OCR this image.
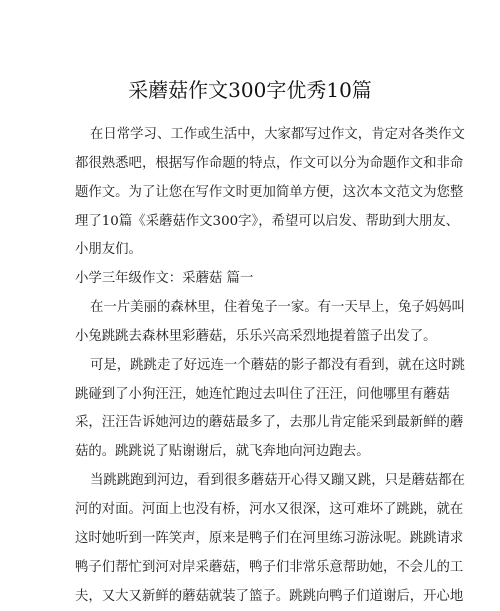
采蘑菇作文300字优秀10篇
在日常学习、工作或生活中，大家都写过作文，肯定对各类作文
都很熟悉吧，根据写作命题的特点，作文可以分为命题作文和非命
题作文。为了让您在写作文时更加简单方便，这次本文范文为您整
理了10篇《采蘑菇作文300字》，希望可以启发、帮助到大朋友、
小朋友们。
小学三年级作文：采蘑菇 篇一
在一片美丽的森林里，住着兔子一家。有一天早上，兔子妈妈叫
小兔跳跳去森林里彩蘑菇，乐乐兴高采烈地提着篮子出发了。
可是，跳跳走了好远连一个蘑菇的影子都没有看到，就在这时跳
跳碰到了小狗汪汪，她连忙跑过去叫住了汪汪，问他哪里有蘑菇
采，汪汪告诉她河边的蘑菇最多了，去那儿肯定能采到最新鲜的蘑
菇的。跳跳说了贴谢谢后，就飞奔地向河边跑去。
当跳跳跑到河边，看到很多蘑菇开心得又蹦又跳，只是蘑菇都在
河的对面。河面上也没有桥，河水又很深，这可难坏了跳跳，就在
这时她听到一阵笑声，原来是鸭子们在河里练习游泳呢。跳跳请求
鸭子们帮忙到河对岸采蘑菇，鸭子们非常乐意帮助她，不会儿的工
夫，又大又新鲜的蘑菇就装了篮子。跳跳向鸭子们道谢后，开心地
